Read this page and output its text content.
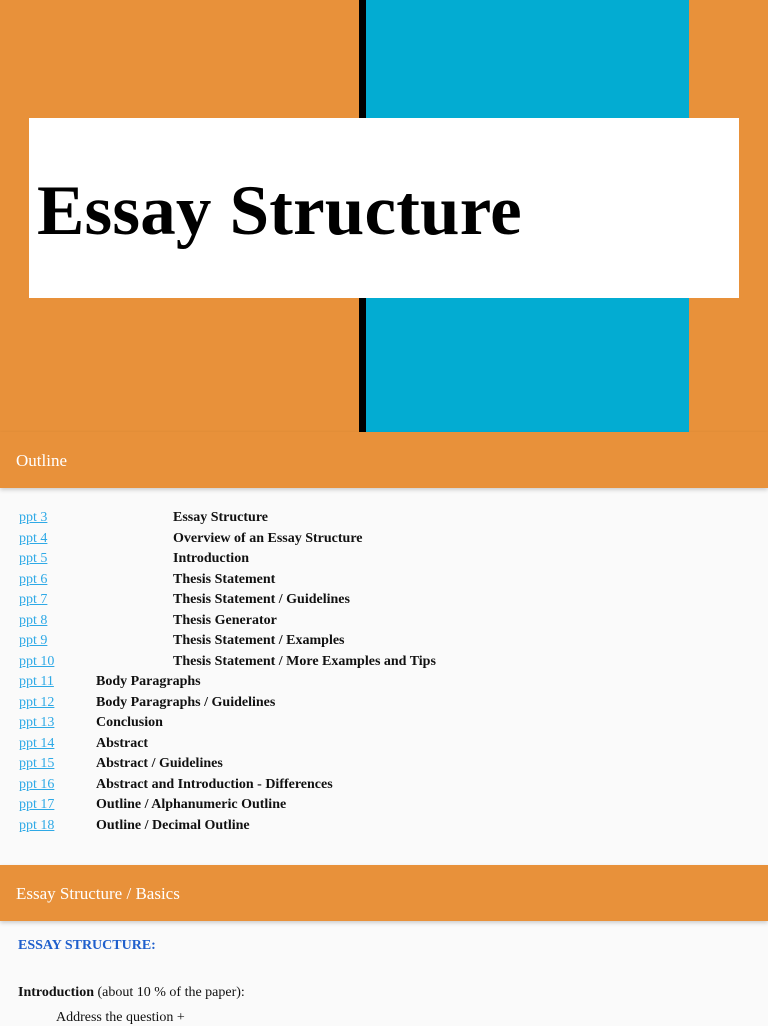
Essay Structure
Outline
ppt 3	Essay Structure
ppt 4	Overview of an Essay Structure
ppt 5	Introduction
ppt 6	Thesis Statement
ppt 7	Thesis Statement / Guidelines
ppt 8	Thesis Generator
ppt 9	Thesis Statement / Examples
ppt 10	Thesis Statement / More Examples and Tips
ppt 11	Body Paragraphs
ppt 12	Body Paragraphs / Guidelines
ppt 13	Conclusion
ppt 14	Abstract
ppt 15	Abstract / Guidelines
ppt 16	Abstract and Introduction - Differences
ppt 17	Outline / Alphanumeric Outline
ppt 18	Outline / Decimal Outline
Essay Structure / Basics
ESSAY STRUCTURE:
Introduction (about 10 % of the paper):
Address the question +
